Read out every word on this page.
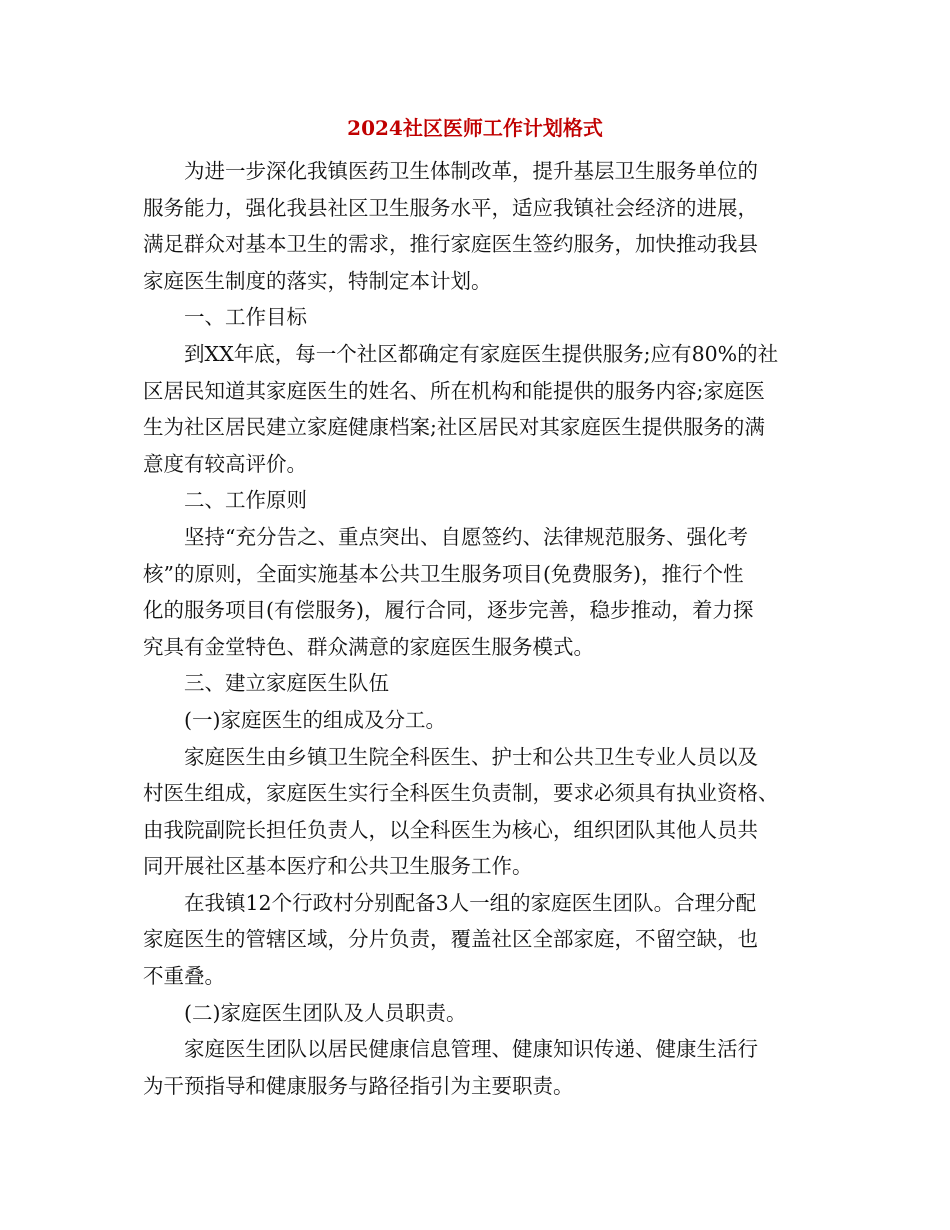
2024社区医师工作计划格式

为进一步深化我镇医药卫生体制改革，提升基层卫生服务单位的
服务能力，强化我县社区卫生服务水平，适应我镇社会经济的进展，
满足群众对基本卫生的需求，推行家庭医生签约服务，加快推动我县
家庭医生制度的落实，特制定本计划。

一、工作目标

到XX年底，每一个社区都确定有家庭医生提供服务;应有80%的社
区居民知道其家庭医生的姓名、所在机构和能提供的服务内容;家庭医
生为社区居民建立家庭健康档案;社区居民对其家庭医生提供服务的满
意度有较高评价。

二、工作原则

坚持“充分告之、重点突出、自愿签约、法律规范服务、强化考
核”的原则，全面实施基本公共卫生服务项目(免费服务)，推行个性
化的服务项目(有偿服务)，履行合同，逐步完善，稳步推动，着力探
究具有金堂特色、群众满意的家庭医生服务模式。

三、建立家庭医生队伍

(一)家庭医生的组成及分工。

家庭医生由乡镇卫生院全科医生、护士和公共卫生专业人员以及
村医生组成，家庭医生实行全科医生负责制，要求必须具有执业资格、
由我院副院长担任负责人，以全科医生为核心，组织团队其他人员共
同开展社区基本医疗和公共卫生服务工作。

在我镇12个行政村分别配备3人一组的家庭医生团队。合理分配
家庭医生的管辖区域，分片负责，覆盖社区全部家庭，不留空缺，也
不重叠。

(二)家庭医生团队及人员职责。

家庭医生团队以居民健康信息管理、健康知识传递、健康生活行
为干预指导和健康服务与路径指引为主要职责。
